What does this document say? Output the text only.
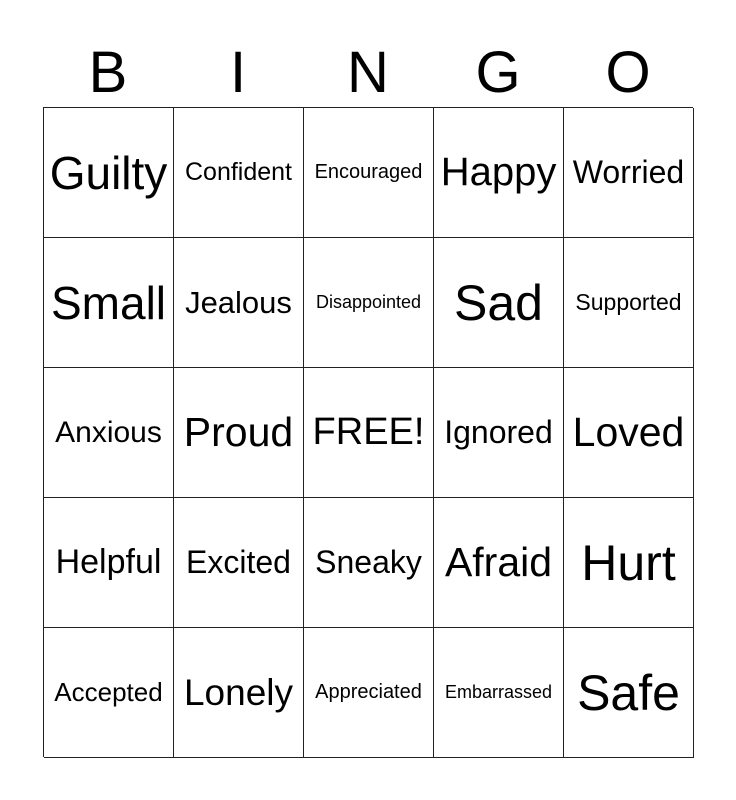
B	I	N	G	O
Guilty Confident Encouraged Happy Worried
Small Jealous Disappointed Sad Supported
Anxious Proud FREE! Ignored Loved
Helpful Excited Sneaky Afraid Hurt
Accepted Lonely Appreciated Embarrassed Safe
